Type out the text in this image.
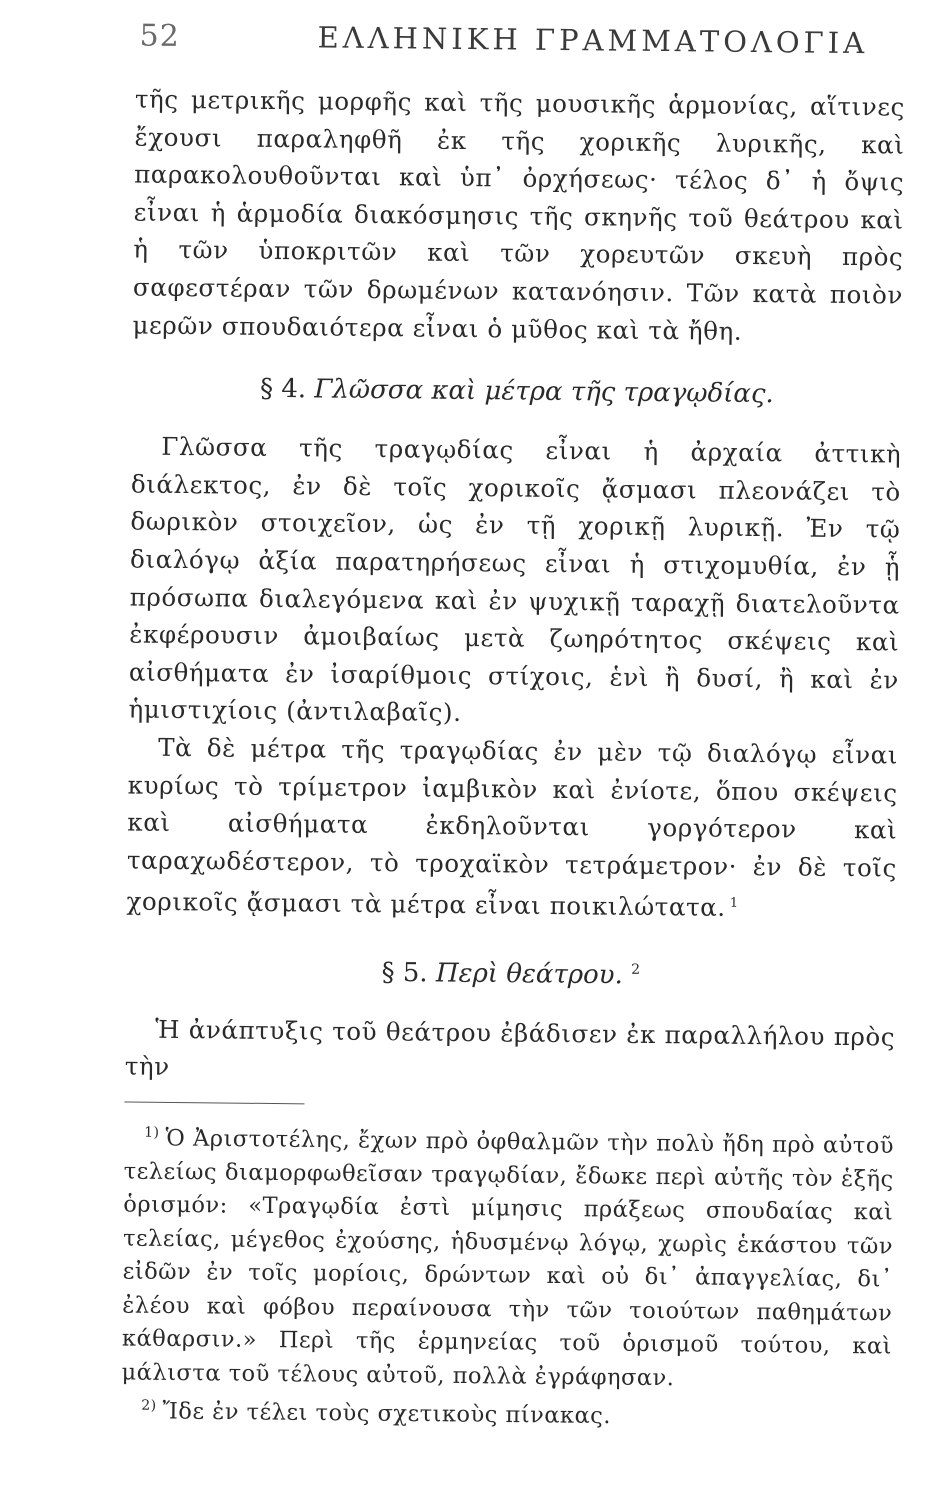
52	ΕΛΛΗΝΙΚΗ ΓΡΑΜΜΑΤΟΛΟΓΙΑ

τῆς μετρικῆς μορφῆς καὶ τῆς μουσικῆς ἁρμονίας, αἵτινες ἔχουσι παραληφθῆ ἐκ τῆς χορικῆς λυρικῆς, καὶ παρακολουθοῦνται καὶ ὑπ᾽ ὀρχήσεως· τέλος δ᾽ ἡ ὄψις εἶναι ἡ ἁρμοδία διακόσμησις τῆς σκηνῆς τοῦ θεάτρου καὶ ἡ τῶν ὑποκριτῶν καὶ τῶν χορευτῶν σκευὴ πρὸς σαφεστέραν τῶν δρωμένων κατανόησιν. Τῶν κατὰ ποιὸν μερῶν σπουδαιότερα εἶναι ὁ μῦθος καὶ τὰ ἤθη.

§ 4. Γλῶσσα καὶ μέτρα τῆς τραγῳδίας.

Γλῶσσα τῆς τραγῳδίας εἶναι ἡ ἀρχαία ἀττικὴ διάλεκτος, ἐν δὲ τοῖς χορικοῖς ᾄσμασι πλεονάζει τὸ δωρικὸν στοιχεῖον, ὡς ἐν τῇ χορικῇ λυρικῇ. Ἐν τῷ διαλόγῳ ἀξία παρατηρήσεως εἶναι ἡ στιχομυθία, ἐν ᾗ πρόσωπα διαλεγόμενα καὶ ἐν ψυχικῇ ταραχῇ διατελοῦντα ἐκφέρουσιν ἀμοιβαίως μετὰ ζωηρότητος σκέψεις καὶ αἰσθήματα ἐν ἰσαρίθμοις στίχοις, ἑνὶ ἢ δυσί, ἢ καὶ ἐν ἡμιστιχίοις (ἀντιλαβαῖς).

Τὰ δὲ μέτρα τῆς τραγῳδίας ἐν μὲν τῷ διαλόγῳ εἶναι κυρίως τὸ τρίμετρον ἰαμβικὸν καὶ ἐνίοτε, ὅπου σκέψεις καὶ αἰσθήματα ἐκδηλοῦνται γοργότερον καὶ ταραχωδέστερον, τὸ τροχαϊκὸν τετράμετρον· ἐν δὲ τοῖς χορικοῖς ᾄσμασι τὰ μέτρα εἶναι ποικιλώτατα. $^1$

§ 5. Περὶ θεάτρου. $^2$

Ἡ ἀνάπτυξις τοῦ θεάτρου ἐβάδισεν ἐκ παραλλήλου πρὸς τὴν

$^{1)}$ Ὁ Ἀριστοτέλης, ἔχων πρὸ ὀφθαλμῶν τὴν πολὺ ἤδη πρὸ αὐτοῦ τελείως διαμορφωθεῖσαν τραγῳδίαν, ἔδωκε περὶ αὐτῆς τὸν ἑξῆς ὁρισμόν: «Τραγῳδία ἐστὶ μίμησις πράξεως σπουδαίας καὶ τελείας, μέγεθος ἐχούσης, ἡδυσμένῳ λόγῳ, χωρὶς ἑκάστου τῶν εἰδῶν ἐν τοῖς μορίοις, δρώντων καὶ οὐ δι᾽ ἀπαγγελίας, δι᾽ ἐλέου καὶ φόβου περαίνουσα τὴν τῶν τοιούτων παθημάτων κάθαρσιν.» Περὶ τῆς ἑρμηνείας τοῦ ὁρισμοῦ τούτου, καὶ μάλιστα τοῦ τέλους αὐτοῦ, πολλὰ ἐγράφησαν.

$^{2)}$ Ἴδε ἐν τέλει τοὺς σχετικοὺς πίνακας.
